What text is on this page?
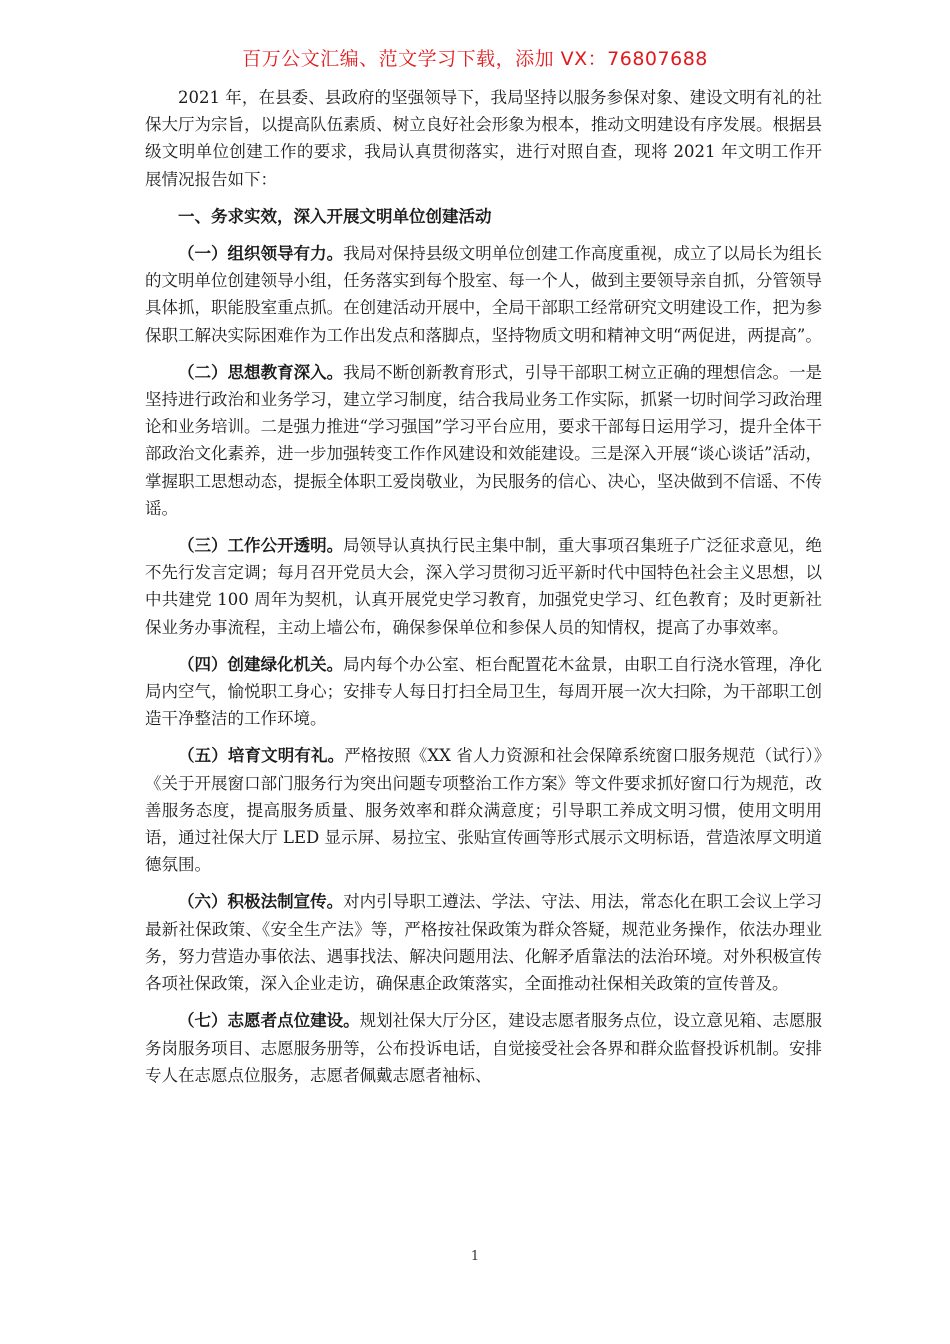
百万公文汇编、范文学习下载，添加 VX：76807688

2021 年，在县委、县政府的坚强领导下，我局坚持以服务参保对象、建设文明有礼的社保大厅为宗旨，以提高队伍素质、树立良好社会形象为根本，推动文明建设有序发展。根据县级文明单位创建工作的要求，我局认真贯彻落实，进行对照自查，现将 2021 年文明工作开展情况报告如下：

一、务求实效，深入开展文明单位创建活动

（一）组织领导有力。我局对保持县级文明单位创建工作高度重视，成立了以局长为组长的文明单位创建领导小组，任务落实到每个股室、每一个人，做到主要领导亲自抓，分管领导具体抓，职能股室重点抓。在创建活动开展中，全局干部职工经常研究文明建设工作，把为参保职工解决实际困难作为工作出发点和落脚点，坚持物质文明和精神文明“两促进，两提高”。

（二）思想教育深入。我局不断创新教育形式，引导干部职工树立正确的理想信念。一是坚持进行政治和业务学习，建立学习制度，结合我局业务工作实际，抓紧一切时间学习政治理论和业务培训。二是强力推进“学习强国”学习平台应用，要求干部每日运用学习，提升全体干部政治文化素养，进一步加强转变工作作风建设和效能建设。三是深入开展“谈心谈话”活动，掌握职工思想动态，提振全体职工爱岗敬业，为民服务的信心、决心，坚决做到不信谣、不传谣。

（三）工作公开透明。局领导认真执行民主集中制，重大事项召集班子广泛征求意见，绝不先行发言定调；每月召开党员大会，深入学习贯彻习近平新时代中国特色社会主义思想，以中共建党 100 周年为契机，认真开展党史学习教育，加强党史学习、红色教育；及时更新社保业务办事流程，主动上墙公布，确保参保单位和参保人员的知情权，提高了办事效率。

（四）创建绿化机关。局内每个办公室、柜台配置花木盆景，由职工自行浇水管理，净化局内空气，愉悦职工身心；安排专人每日打扫全局卫生，每周开展一次大扫除，为干部职工创造干净整洁的工作环境。

（五）培育文明有礼。严格按照《XX 省人力资源和社会保障系统窗口服务规范（试行）》《关于开展窗口部门服务行为突出问题专项整治工作方案》等文件要求抓好窗口行为规范，改善服务态度，提高服务质量、服务效率和群众满意度；引导职工养成文明习惯，使用文明用语，通过社保大厅 LED 显示屏、易拉宝、张贴宣传画等形式展示文明标语，营造浓厚文明道德氛围。

（六）积极法制宣传。对内引导职工遵法、学法、守法、用法，常态化在职工会议上学习最新社保政策、《安全生产法》等，严格按社保政策为群众答疑，规范业务操作，依法办理业务，努力营造办事依法、遇事找法、解决问题用法、化解矛盾靠法的法治环境。对外积极宣传各项社保政策，深入企业走访，确保惠企政策落实，全面推动社保相关政策的宣传普及。

（七）志愿者点位建设。规划社保大厅分区，建设志愿者服务点位，设立意见箱、志愿服务岗服务项目、志愿服务册等，公布投诉电话，自觉接受社会各界和群众监督投诉机制。安排专人在志愿点位服务，志愿者佩戴志愿者袖标、

1
